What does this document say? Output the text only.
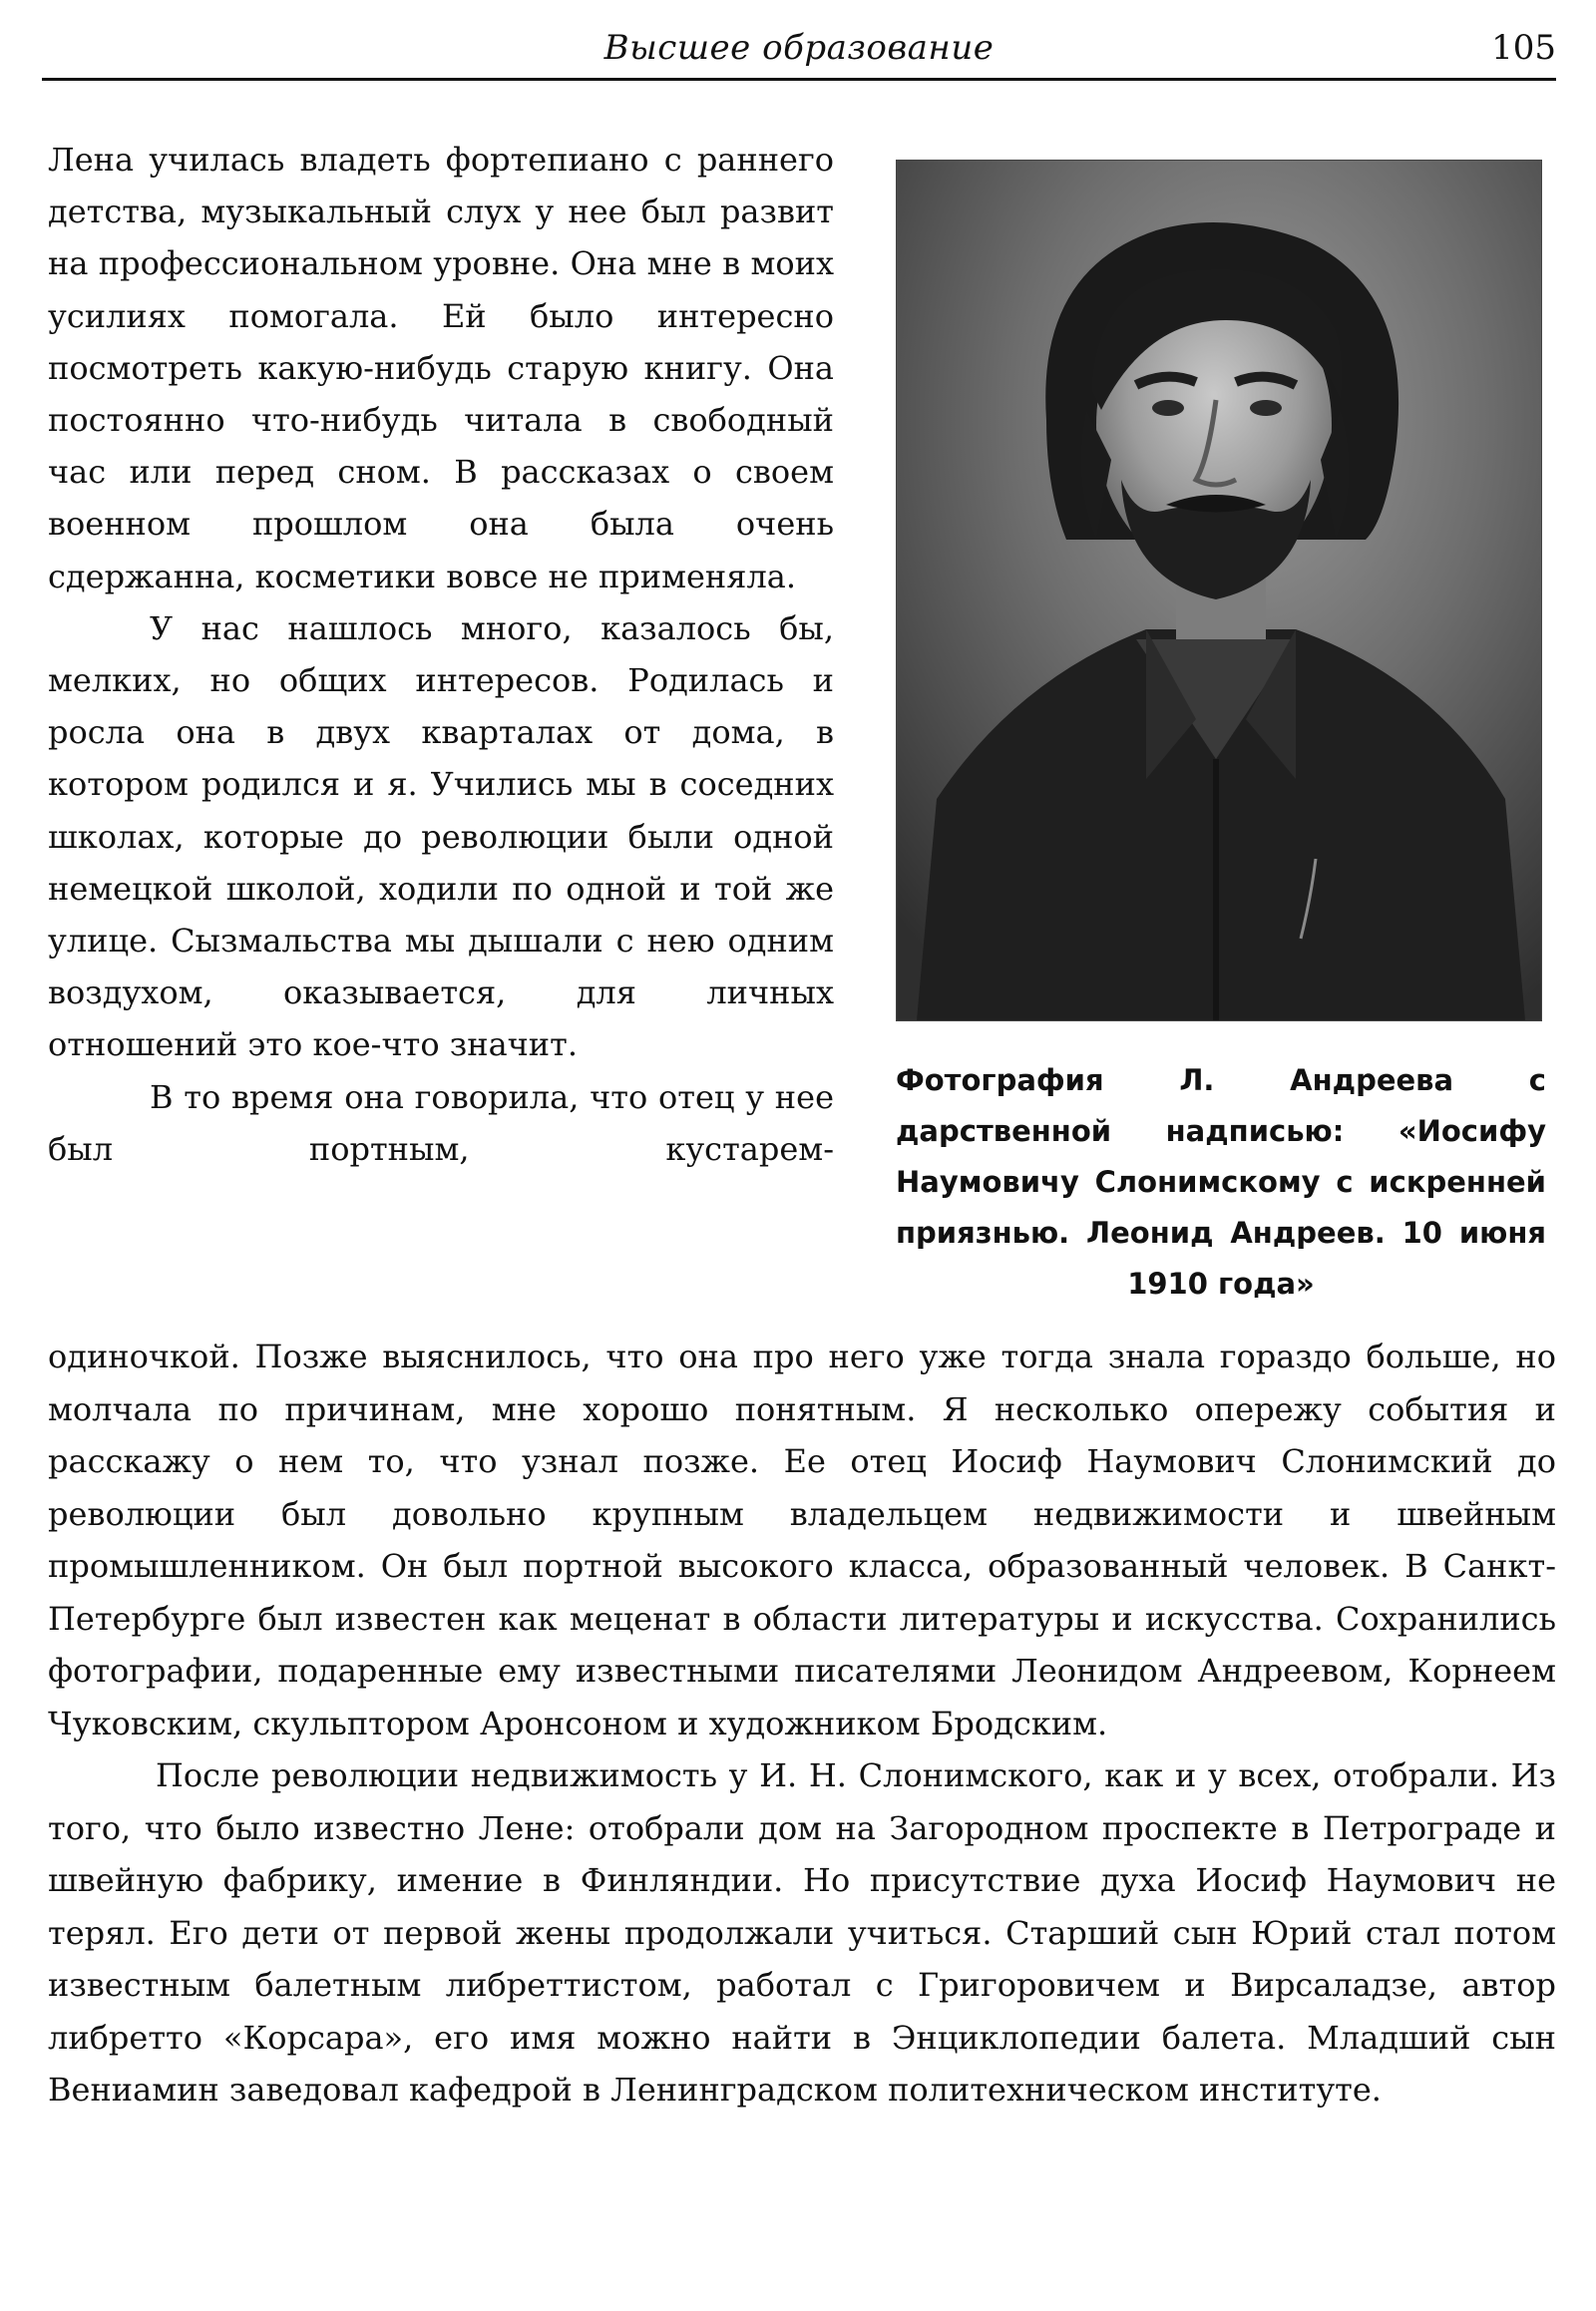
Высшее образование	105
Фотография Л. Андреева с дарственной надписью: «Иосифу Наумовичу Слонимскому с искренней приязнью. Леонид Андреев. 10 июня 1910 года»

Лена училась владеть фортепиано с раннего детства, музыкальный слух у нее был развит на профессиональном уровне. Она мне в моих усилиях помогала. Ей было интересно посмотреть какую-нибудь старую книгу. Она постоянно что-нибудь читала в свободный час или перед сном. В рассказах о своем военном прошлом она была очень сдержанна, косметики вовсе не применяла.

У нас нашлось много, казалось бы, мелких, но общих интересов. Родилась и росла она в двух кварталах от дома, в котором родился и я. Учились мы в соседних школах, которые до революции были одной немецкой школой, ходили по одной и той же улице. Сызмальства мы дышали с нею одним воздухом, оказывается, для личных отношений это кое-что значит.

В то время она говорила, что отец у нее был портным, кустарем-

одиночкой. Позже выяснилось, что она про него уже тогда знала гораздо больше, но молчала по причинам, мне хорошо понятным. Я несколько опережу события и расскажу о нем то, что узнал позже. Ее отец Иосиф Наумович Слонимский до революции был довольно крупным владельцем недвижимости и швейным промышленником. Он был портной высокого класса, образованный человек. В Санкт-Петербурге был известен как меценат в области литературы и искусства. Сохранились фотографии, подаренные ему известными писателями Леонидом Андреевом, Корнеем Чуковским, скульптором Аронсоном и художником Бродским.

После революции недвижимость у И. Н. Слонимского, как и у всех, отобрали. Из того, что было известно Лене: отобрали дом на Загородном проспекте в Петрограде и швейную фабрику, имение в Финляндии. Но присутствие духа Иосиф Наумович не терял. Его дети от первой жены продолжали учиться. Старший сын Юрий стал потом известным балетным либреттистом, работал с Григоровичем и Вирсаладзе, автор либретто «Корсара», его имя можно найти в Энциклопедии балета. Младший сын Вениамин заведовал кафедрой в Ленинградском политехническом институте.
